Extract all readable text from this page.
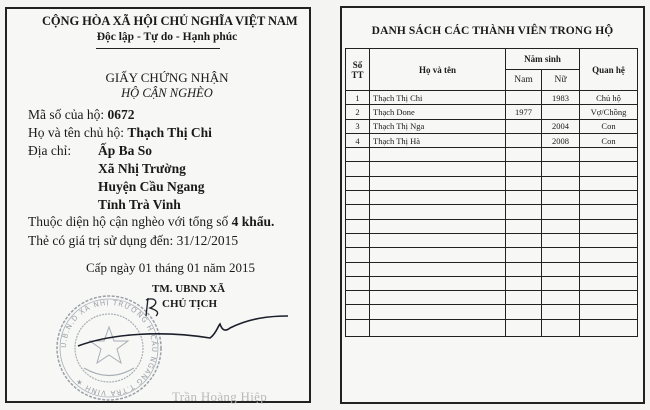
CỘNG HÒA XÃ HỘI CHỦ NGHĨA VIỆT NAM
Độc lập - Tự do - Hạnh phúc
GIẤY CHỨNG NHẬN
HỘ CẬN NGHÈO
Mã số của hộ: 0672
Họ và tên chủ hộ: Thạch Thị Chi
Địa chỉ: Ấp Ba So
Xã Nhị Trường
Huyện Cầu Ngang
Tỉnh Trà Vinh
Thuộc diện hộ cận nghèo với tổng số 4 khẩu.
Thẻ có giá trị sử dụng đến: 31/12/2015
Cấp ngày 01 tháng 01 năm 2015
U.B.N.D XÃ NHỊ TRƯỜNG H.CẦU NGANG T.TRÀ VINH ★
TM. UBND XÃ
CHỦ TỊCH
Trần Hoàng Hiệp
DANH SÁCH CÁC THÀNH VIÊN TRONG HỘ
Số
TT	Họ và tên	Năm sinh		Quan hệ
		Nam	Nữ	
1	Thạch Thị Chi		1983	Chủ hộ
2	Thạch Done	1977		Vợ/Chồng
3	Thạch Thị Nga		2004	Con
4	Thạch Thị Hà		2008	Con
